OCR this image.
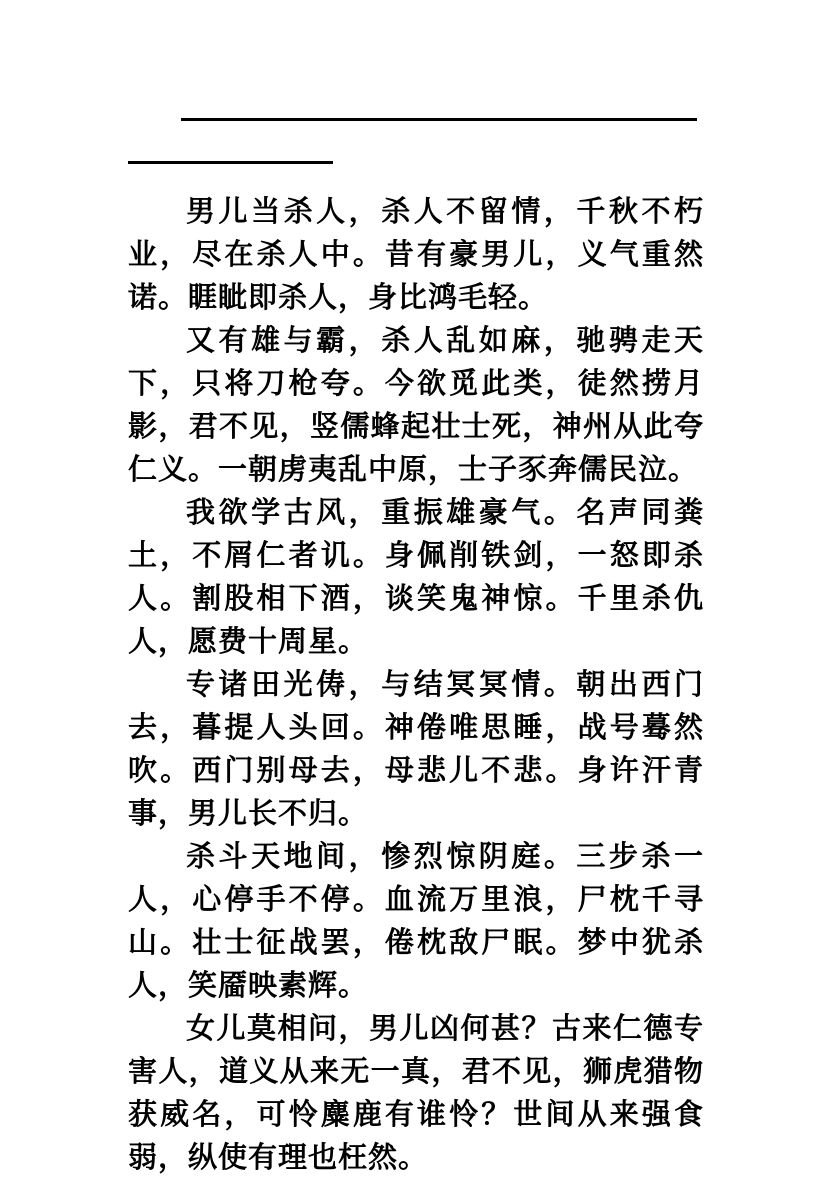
男儿当杀人，杀人不留情，千秋不朽业，尽在杀人中。昔有豪男儿，义气重然诺。睚眦即杀人，身比鸿毛轻。

又有雄与霸，杀人乱如麻，驰骋走天下，只将刀枪夸。今欲觅此类，徒然捞月影，君不见，竖儒蜂起壮士死，神州从此夸仁义。一朝虏夷乱中原，士子豕奔儒民泣。

我欲学古风，重振雄豪气。名声同粪土，不屑仁者讥。身佩削铁剑，一怒即杀人。割股相下酒，谈笑鬼神惊。千里杀仇人，愿费十周星。

专诸田光俦，与结冥冥情。朝出西门去，暮提人头回。神倦唯思睡，战号蓦然吹。西门别母去，母悲儿不悲。身许汗青事，男儿长不归。

杀斗天地间，惨烈惊阴庭。三步杀一人，心停手不停。血流万里浪，尸枕千寻山。壮士征战罢，倦枕敌尸眠。梦中犹杀人，笑靥映素辉。

女儿莫相问，男儿凶何甚？古来仁德专害人，道义从来无一真，君不见，狮虎猎物获威名，可怜麋鹿有谁怜？世间从来强食弱，纵使有理也枉然。
